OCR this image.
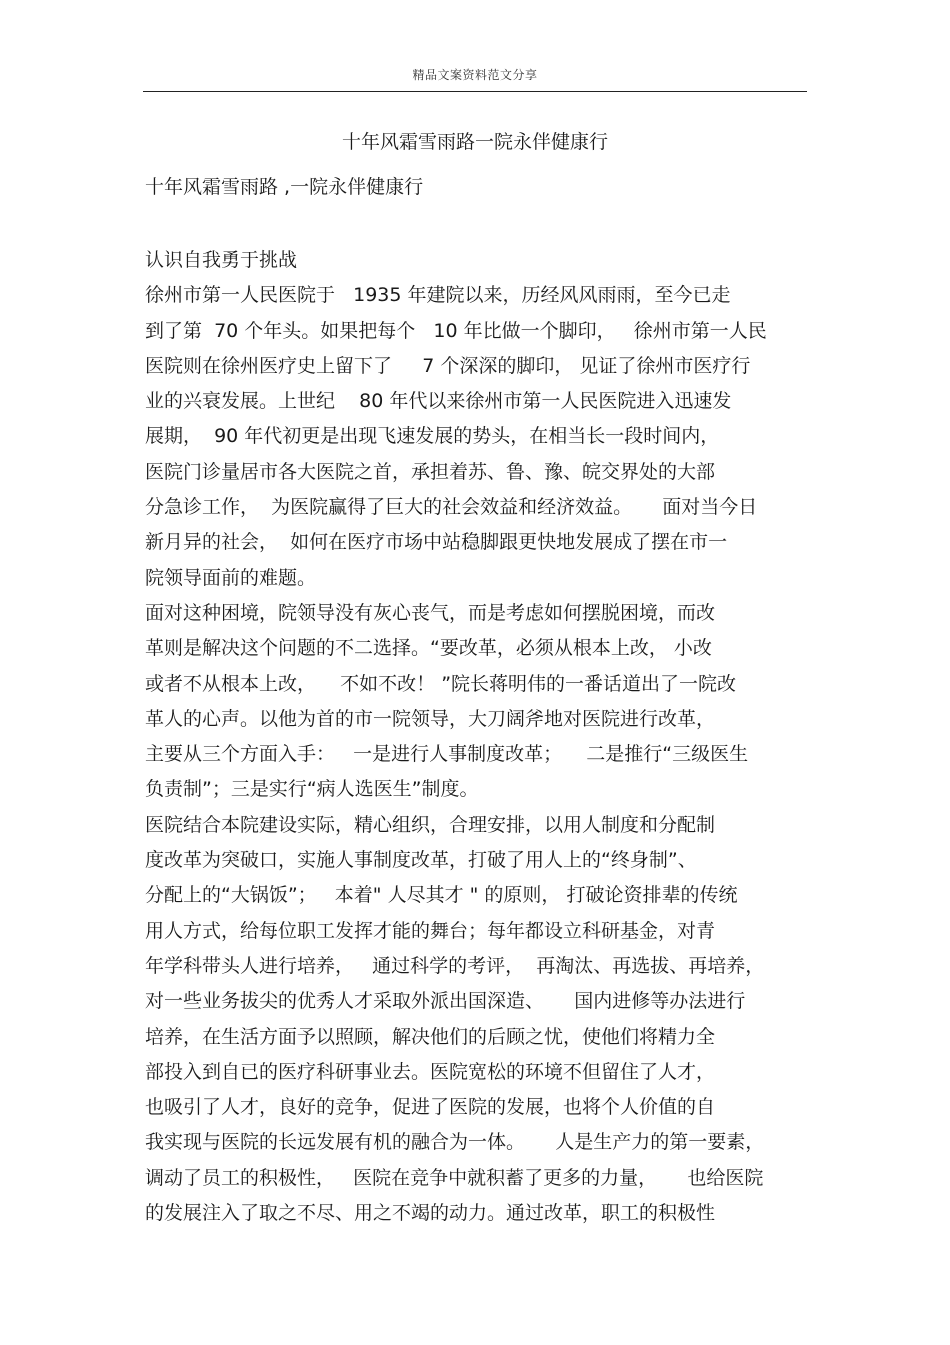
精品文案资料范文分享
十年风霜雪雨路一院永伴健康行
十年风霜雪雨路 ,一院永伴健康行
认识自我勇于挑战
徐州市第一人民医院于   1935 年建院以来，历经风风雨雨，至今已走
到了第  70 个年头。如果把每个   10 年比做一个脚印，   徐州市第一人民
医院则在徐州医疗史上留下了     7 个深深的脚印， 见证了徐州市医疗行
业的兴衰发展。上世纪    80 年代以来徐州市第一人民医院进入迅速发
展期，  90 年代初更是出现飞速发展的势头，在相当长一段时间内，
医院门诊量居市各大医院之首，承担着苏、鲁、豫、皖交界处的大部
分急诊工作，  为医院赢得了巨大的社会效益和经济效益。     面对当今日
新月异的社会，  如何在医疗市场中站稳脚跟更快地发展成了摆在市一
院领导面前的难题。
面对这种困境，院领导没有灰心丧气，而是考虑如何摆脱困境，而改
革则是解决这个问题的不二选择。“要改革，必须从根本上改， 小改
或者不从根本上改，    不如不改！ ”院长蒋明伟的一番话道出了一院改
革人的心声。以他为首的市一院领导，大刀阔斧地对医院进行改革，
主要从三个方面入手：   一是进行人事制度改革；    二是推行“三级医生
负责制”；三是实行“病人选医生”制度。
医院结合本院建设实际，精心组织，合理安排，以用人制度和分配制
度改革为突破口，实施人事制度改革，打破了用人上的“终身制”、
分配上的“大锅饭”；   本着" 人尽其才 " 的原则， 打破论资排辈的传统
用人方式，给每位职工发挥才能的舞台；每年都设立科研基金，对青
年学科带头人进行培养，   通过科学的考评，  再淘汰、再选拔、再培养，
对一些业务拔尖的优秀人才采取外派出国深造、     国内进修等办法进行
培养，在生活方面予以照顾，解决他们的后顾之忧，使他们将精力全
部投入到自已的医疗科研事业去。医院宽松的环境不但留住了人才，
也吸引了人才，良好的竞争，促进了医院的发展，也将个人价值的自
我实现与医院的长远发展有机的融合为一体。     人是生产力的第一要素，
调动了员工的积极性，   医院在竞争中就积蓄了更多的力量，     也给医院
的发展注入了取之不尽、用之不竭的动力。通过改革，职工的积极性
